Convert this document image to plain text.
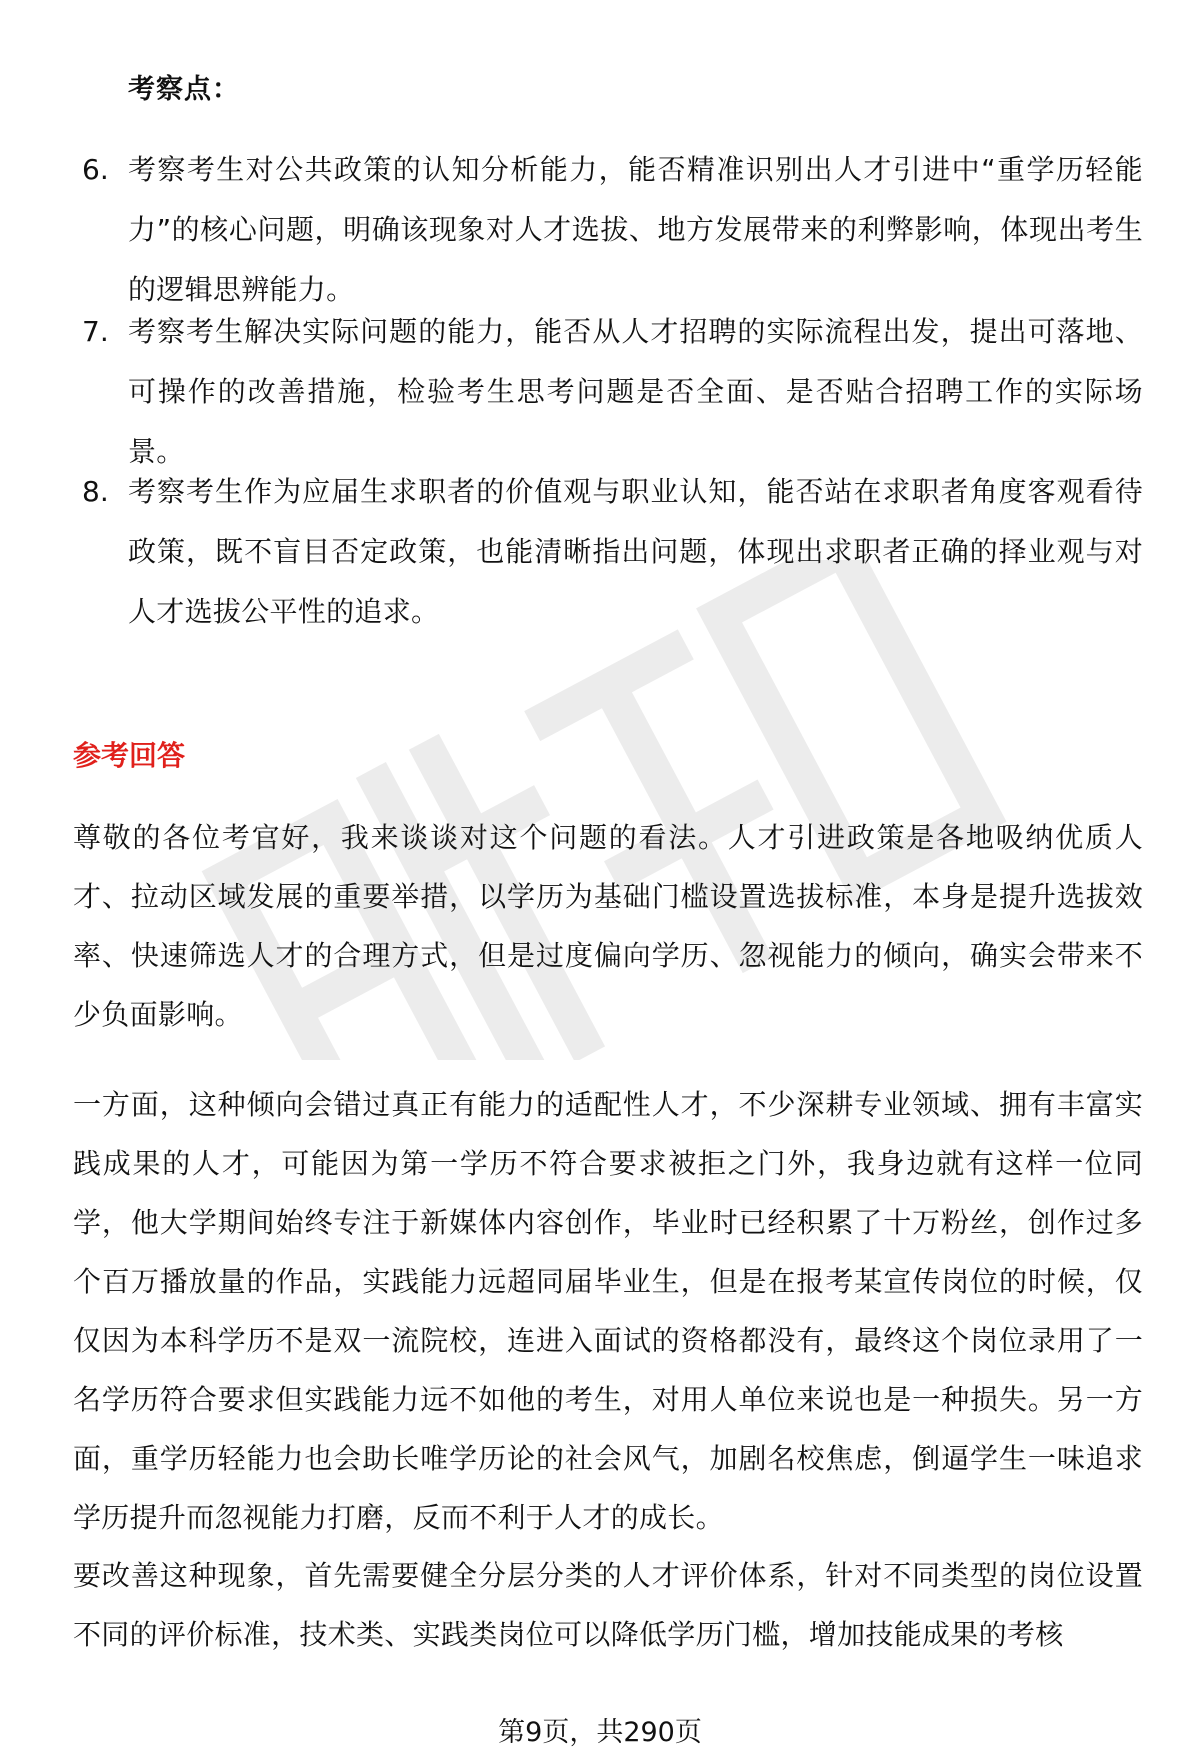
考察点：
6. 考察考生对公共政策的认知分析能力，能否精准识别出人才引进中“重学历轻能力”的核心问题，明确该现象对人才选拔、地方发展带来的利弊影响，体现出考生的逻辑思辨能力。
7. 考察考生解决实际问题的能力，能否从人才招聘的实际流程出发，提出可落地、可操作的改善措施，检验考生思考问题是否全面、是否贴合招聘工作的实际场景。
8. 考察考生作为应届生求职者的价值观与职业认知，能否站在求职者角度客观看待政策，既不盲目否定政策，也能清晰指出问题，体现出求职者正确的择业观与对人才选拔公平性的追求。
参考回答
尊敬的各位考官好，我来谈谈对这个问题的看法。人才引进政策是各地吸纳优质人才、拉动区域发展的重要举措，以学历为基础门槛设置选拔标准，本身是提升选拔效率、快速筛选人才的合理方式，但是过度偏向学历、忽视能力的倾向，确实会带来不少负面影响。
一方面，这种倾向会错过真正有能力的适配性人才，不少深耕专业领域、拥有丰富实践成果的人才，可能因为第一学历不符合要求被拒之门外，我身边就有这样一位同学，他大学期间始终专注于新媒体内容创作，毕业时已经积累了十万粉丝，创作过多个百万播放量的作品，实践能力远超同届毕业生，但是在报考某宣传岗位的时候，仅仅因为本科学历不是双一流院校，连进入面试的资格都没有，最终这个岗位录用了一名学历符合要求但实践能力远不如他的考生，对用人单位来说也是一种损失。另一方面，重学历轻能力也会助长唯学历论的社会风气，加剧名校焦虑，倒逼学生一味追求学历提升而忽视能力打磨，反而不利于人才的成长。
要改善这种现象，首先需要健全分层分类的人才评价体系，针对不同类型的岗位设置不同的评价标准，技术类、实践类岗位可以降低学历门槛，增加技能成果的考核
第9页，共290页
